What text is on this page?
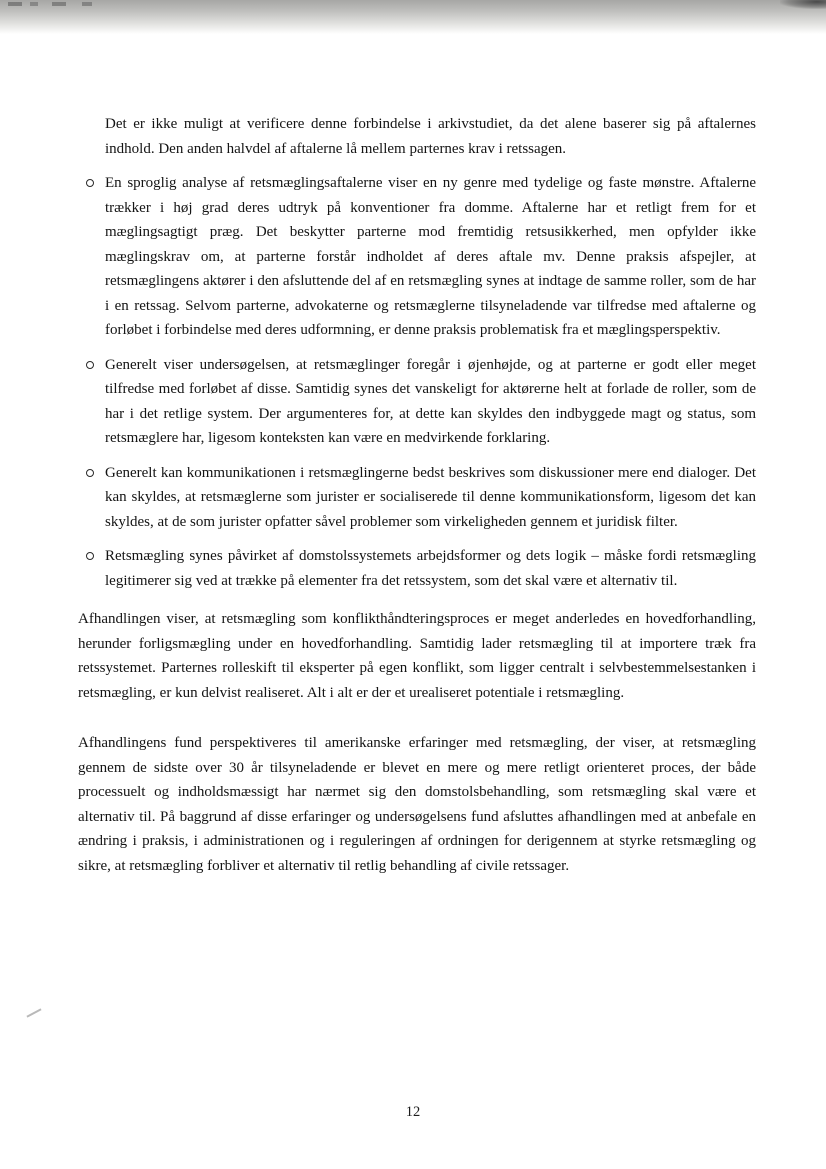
Det er ikke muligt at verificere denne forbindelse i arkivstudiet, da det alene baserer sig på aftalernes indhold. Den anden halvdel af aftalerne lå mellem parternes krav i retssagen.

En sproglig analyse af retsmæglingsaftalerne viser en ny genre med tydelige og faste mønstre. Aftalerne trækker i høj grad deres udtryk på konventioner fra domme. Aftalerne har et retligt frem for et mæglingsagtigt præg. Det beskytter parterne mod fremtidig retsusikkerhed, men opfylder ikke mæglingskrav om, at parterne forstår indholdet af deres aftale mv. Denne praksis afspejler, at retsmæglingens aktører i den afsluttende del af en retsmægling synes at indtage de samme roller, som de har i en retssag. Selvom parterne, advokaterne og retsmæglerne tilsyneladende var tilfredse med aftalerne og forløbet i forbindelse med deres udformning, er denne praksis problematisk fra et mæglingsperspektiv.
Generelt viser undersøgelsen, at retsmæglinger foregår i øjenhøjde, og at parterne er godt eller meget tilfredse med forløbet af disse. Samtidig synes det vanskeligt for aktørerne helt at forlade de roller, som de har i det retlige system. Der argumenteres for, at dette kan skyldes den indbyggede magt og status, som retsmæglere har, ligesom konteksten kan være en medvirkende forklaring.
Generelt kan kommunikationen i retsmæglingerne bedst beskrives som diskussioner mere end dialoger. Det kan skyldes, at retsmæglerne som jurister er socialiserede til denne kommunikationsform, ligesom det kan skyldes, at de som jurister opfatter såvel problemer som virkeligheden gennem et juridisk filter.
Retsmægling synes påvirket af domstolssystemets arbejdsformer og dets logik – måske fordi retsmægling legitimerer sig ved at trække på elementer fra det retssystem, som det skal være et alternativ til.

Afhandlingen viser, at retsmægling som konflikthåndteringsproces er meget anderledes en hovedforhandling, herunder forligsmægling under en hovedforhandling. Samtidig lader retsmægling til at importere træk fra retssystemet. Parternes rolleskift til eksperter på egen konflikt, som ligger centralt i selvbestemmelsestanken i retsmægling, er kun delvist realiseret. Alt i alt er der et urealiseret potentiale i retsmægling.

Afhandlingens fund perspektiveres til amerikanske erfaringer med retsmægling, der viser, at retsmægling gennem de sidste over 30 år tilsyneladende er blevet en mere og mere retligt orienteret proces, der både processuelt og indholdsmæssigt har nærmet sig den domstolsbehandling, som retsmægling skal være et alternativ til. På baggrund af disse erfaringer og undersøgelsens fund afsluttes afhandlingen med at anbefale en ændring i praksis, i administrationen og i reguleringen af ordningen for derigennem at styrke retsmægling og sikre, at retsmægling forbliver et alternativ til retlig behandling af civile retssager.

12
